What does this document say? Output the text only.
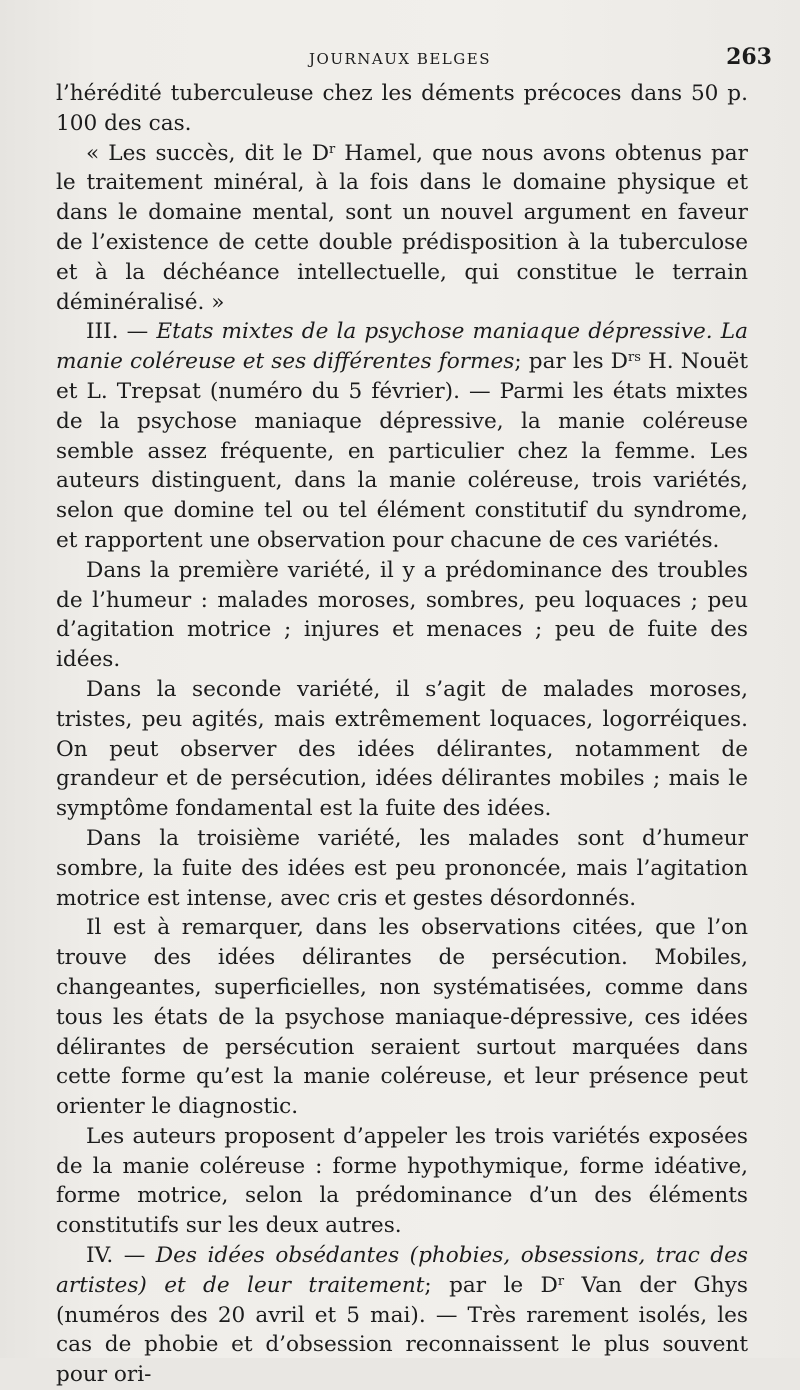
JOURNAUX BELGES	263

l’hérédité tuberculeuse chez les déments précoces dans 50 p. 100 des cas.

« Les succès, dit le $D^r$ Hamel, que nous avons obtenus par le traitement minéral, à la fois dans le domaine physique et dans le domaine mental, sont un nouvel argument en faveur de l’existence de cette double prédisposition à la tuberculose et à la déchéance intellectuelle, qui constitue le terrain déminéralisé. »

III. — Etats mixtes de la psychose maniaque dépressive. La manie coléreuse et ses différentes formes; par les $D^{rs}$ H. Nouët et L. Trepsat (numéro du 5 février). — Parmi les états mixtes de la psychose maniaque dépressive, la manie coléreuse semble assez fréquente, en particulier chez la femme. Les auteurs distinguent, dans la manie coléreuse, trois variétés, selon que domine tel ou tel élément constitutif du syndrome, et rapportent une observation pour chacune de ces variétés.

Dans la première variété, il y a prédominance des troubles de l’humeur : malades moroses, sombres, peu loquaces ; peu d’agitation motrice ; injures et menaces ; peu de fuite des idées.

Dans la seconde variété, il s’agit de malades moroses, tristes, peu agités, mais extrêmement loquaces, logorréiques. On peut observer des idées délirantes, notamment de grandeur et de persécution, idées délirantes mobiles ; mais le symptôme fondamental est la fuite des idées.

Dans la troisième variété, les malades sont d’humeur sombre, la fuite des idées est peu prononcée, mais l’agitation motrice est intense, avec cris et gestes désordonnés.

Il est à remarquer, dans les observations citées, que l’on trouve des idées délirantes de persécution. Mobiles, changeantes, superficielles, non systématisées, comme dans tous les états de la psychose maniaque-dépressive, ces idées délirantes de persécution seraient surtout marquées dans cette forme qu’est la manie coléreuse, et leur présence peut orienter le diagnostic.

Les auteurs proposent d’appeler les trois variétés exposées de la manie coléreuse : forme hypothymique, forme idéative, forme motrice, selon la prédominance d’un des éléments constitutifs sur les deux autres.

IV. — Des idées obsédantes (phobies, obsessions, trac des artistes) et de leur traitement; par le $D^r$ Van der Ghys (numéros des 20 avril et 5 mai). — Très rarement isolés, les cas de phobie et d’obsession reconnaissent le plus souvent pour ori-
